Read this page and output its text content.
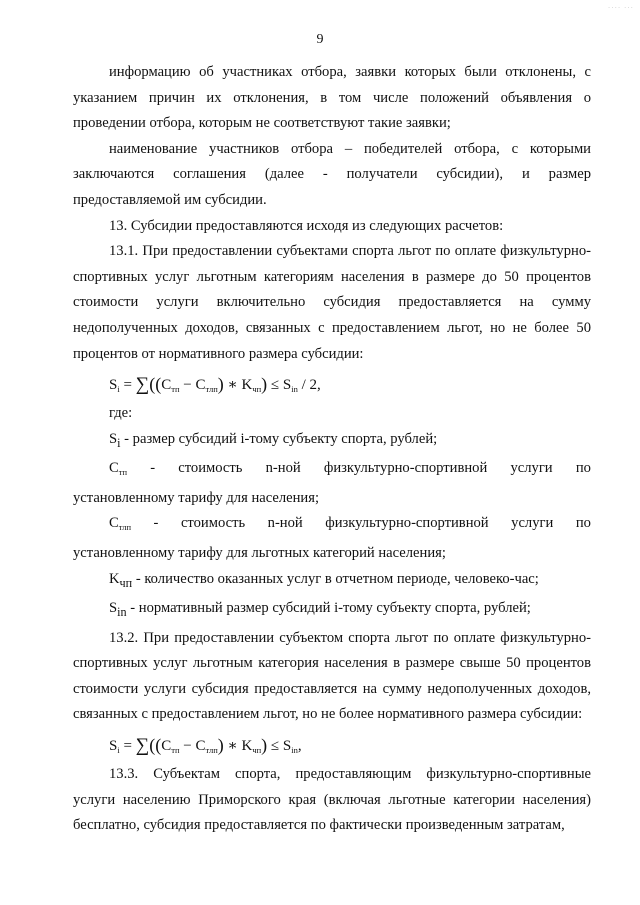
···· ···
9

информацию об участниках отбора, заявки которых были отклонены, с указанием причин их отклонения, в том числе положений объявления о проведении отбора, которым не соответствуют такие заявки;

наименование участников отбора – победителей отбора, с которыми заключаются соглашения (далее - получатели субсидии), и размер предоставляемой им субсидии.

13. Субсидии предоставляются исходя из следующих расчетов:

13.1. При предоставлении субъектами спорта льгот по оплате физкультурно-спортивных услуг льготным категориям населения в размере до 50 процентов стоимости услуги включительно субсидия предоставляется на сумму недополученных доходов, связанных с предоставлением льгот, но не более 50 процентов от нормативного размера субсидии:

$S_i = \sum((C_{тп} - C_{тлп})$ ∗ $K_{чп}) \le S_{in} / 2$,

где:

$S_i$ - размер субсидий i-тому субъекту спорта, рублей;

$C_{тп}$ - стоимость n-ной физкультурно-спортивной услуги по

установленному тарифу для населения;

$C_{тлп}$ - стоимость n-ной физкультурно-спортивной услуги по

установленному тарифу для льготных категорий населения;

$K_{чп}$ - количество оказанных услуг в отчетном периоде, человеко-час;

$S_{in}$ - нормативный размер субсидий i-тому субъекту спорта, рублей;

13.2. При предоставлении субъектом спорта льгот по оплате физкультурно-спортивных услуг льготным категория населения в размере свыше 50 процентов стоимости услуги субсидия предоставляется на сумму недополученных доходов, связанных с предоставлением льгот, но не более нормативного размера субсидии:

$S_i = \sum((C_{тп} - C_{тлп})$ ∗ $K_{чп}) \le S_{in}$,

13.3. Субъектам спорта, предоставляющим физкультурно-спортивные услуги населению Приморского края (включая льготные категории населения) бесплатно, субсидия предоставляется по фактически произведенным затратам,
